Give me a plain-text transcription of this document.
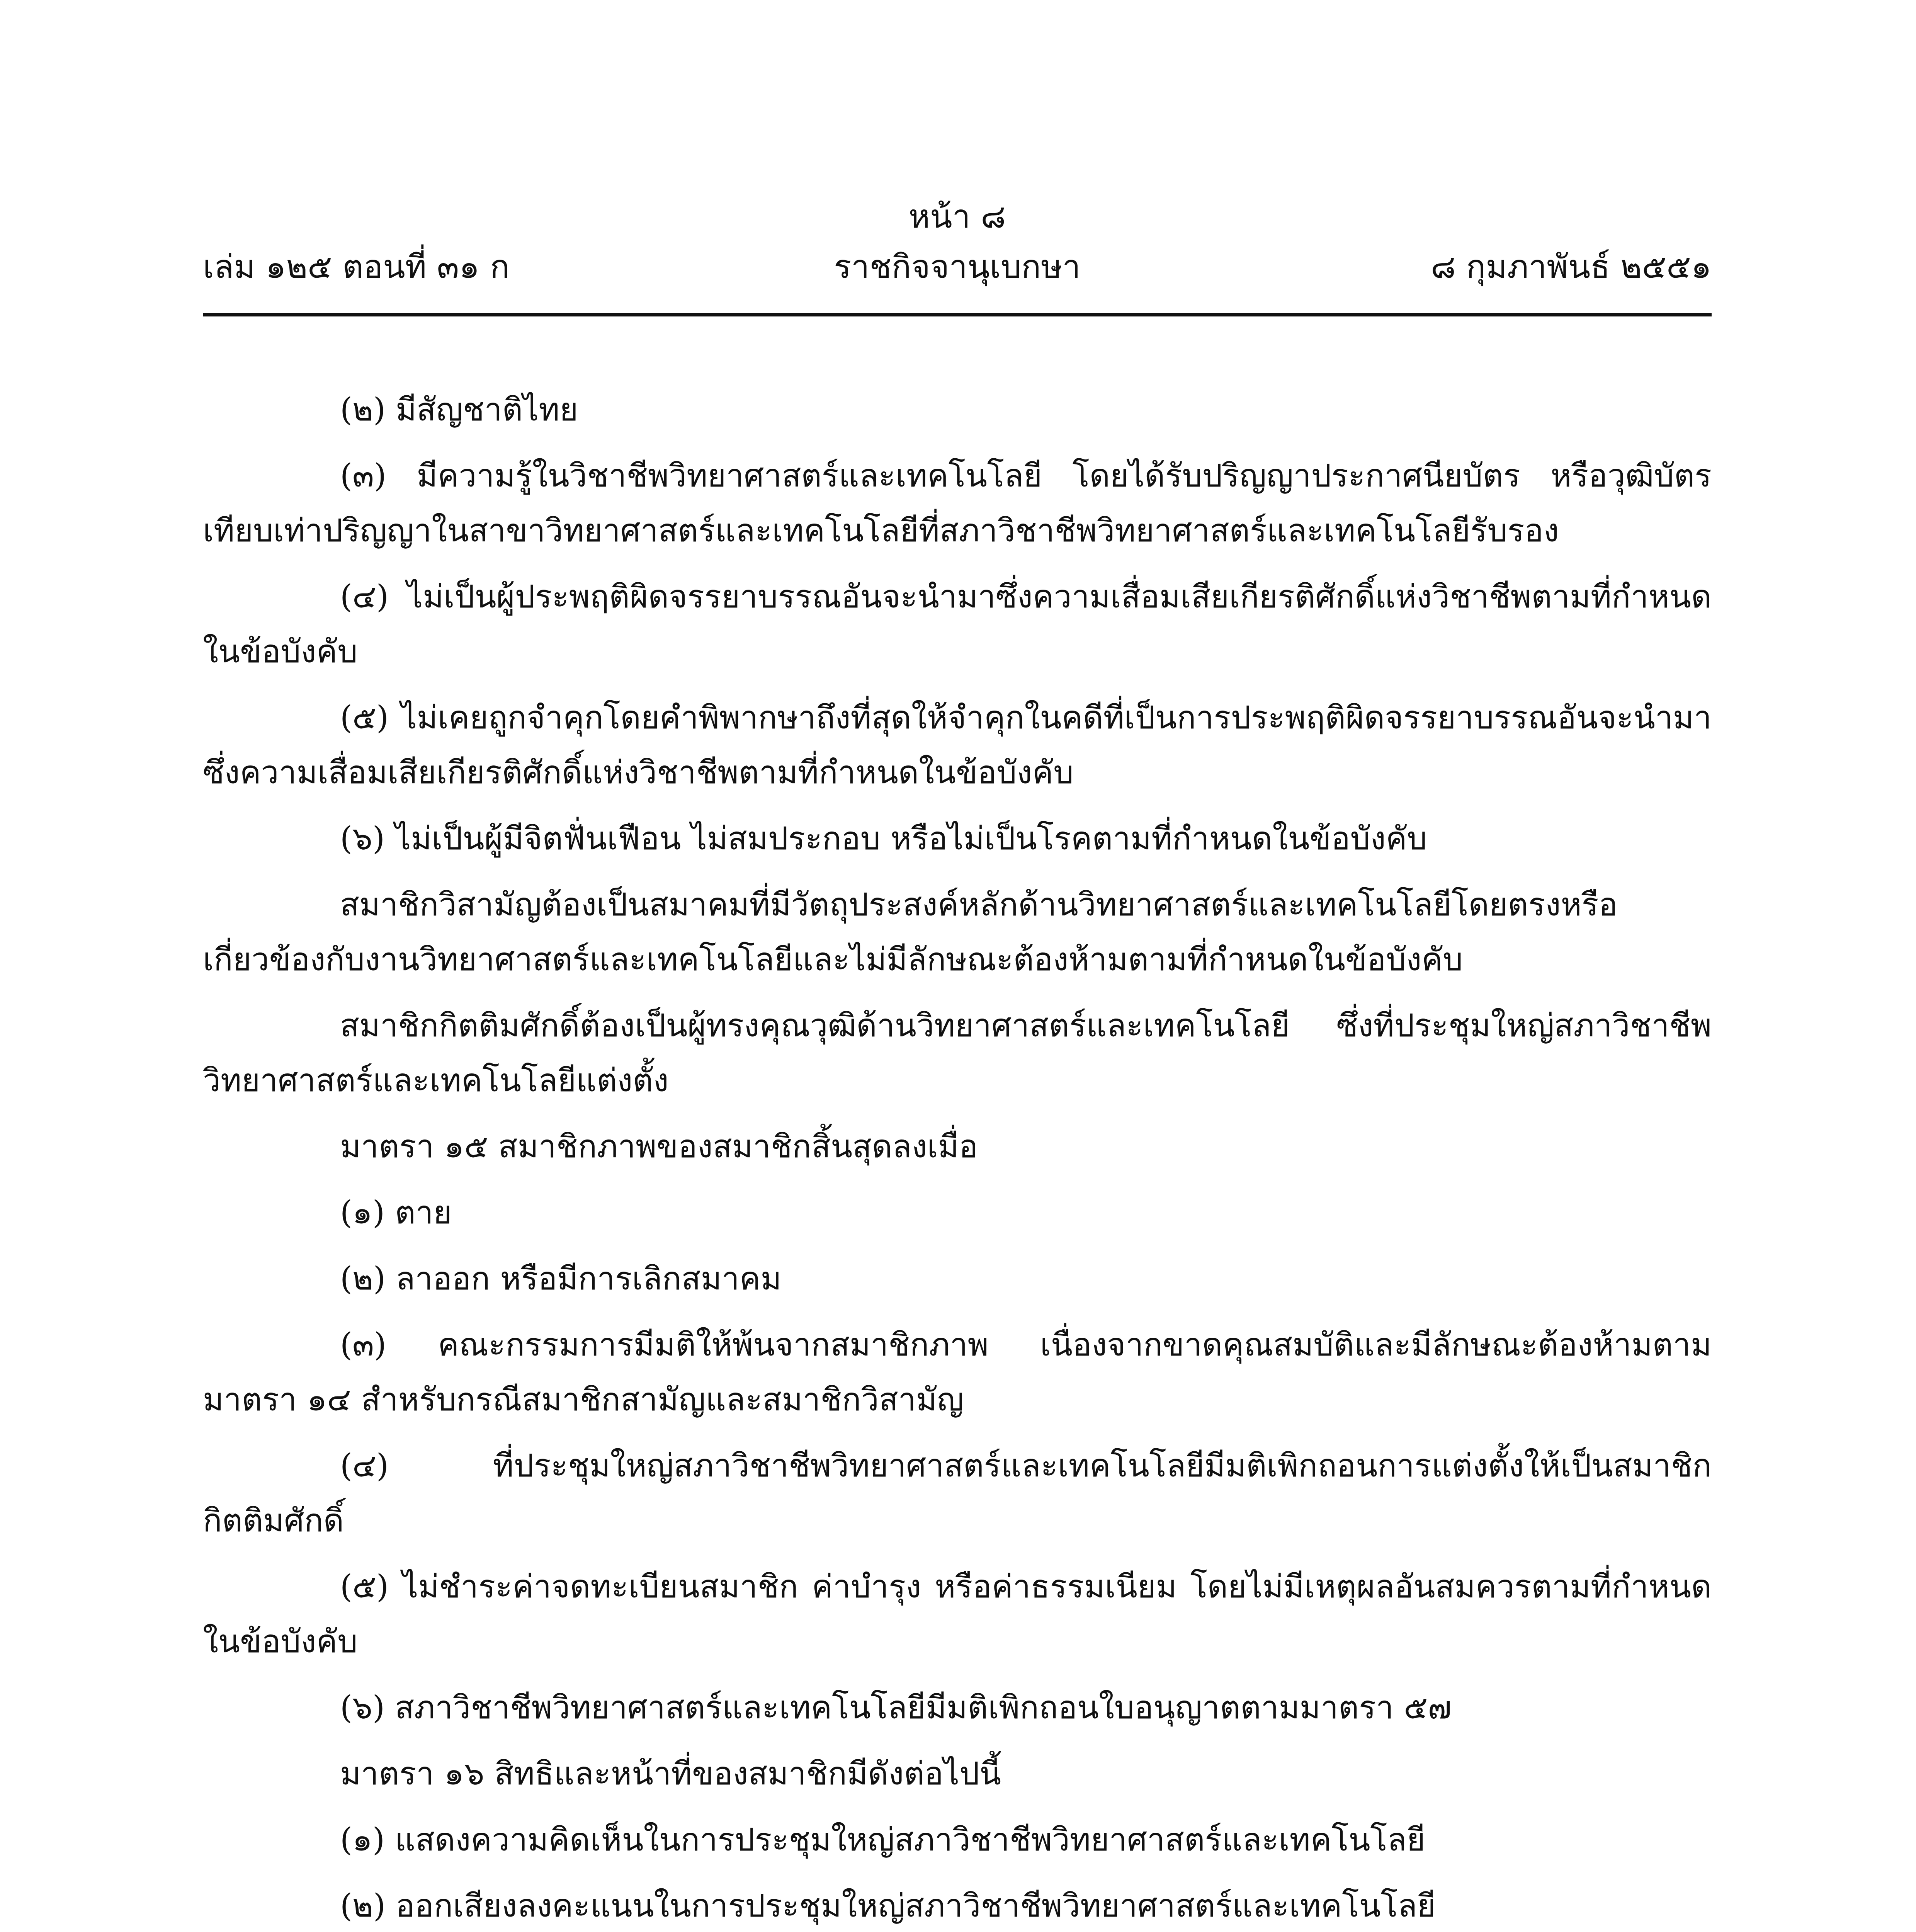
หน้า ๘
เล่ม ๑๒๕ ตอนที่ ๓๑ ก	ราชกิจจานุเบกษา	๘ กุมภาพันธ์ ๒๕๕๑

(๒) มีสัญชาติไทย

(๓) มีความรู้ในวิชาชีพวิทยาศาสตร์และเทคโนโลยี โดยได้รับปริญญาประกาศนียบัตร หรือวุฒิบัตรเทียบเท่าปริญญาในสาขาวิทยาศาสตร์และเทคโนโลยีที่สภาวิชาชีพวิทยาศาสตร์และเทคโนโลยีรับรอง

(๔) ไม่เป็นผู้ประพฤติผิดจรรยาบรรณอันจะนำมาซึ่งความเสื่อมเสียเกียรติศักดิ์แห่งวิชาชีพตามที่กำหนดในข้อบังคับ

(๕) ไม่เคยถูกจำคุกโดยคำพิพากษาถึงที่สุดให้จำคุกในคดีที่เป็นการประพฤติผิดจรรยาบรรณอันจะนำมาซึ่งความเสื่อมเสียเกียรติศักดิ์แห่งวิชาชีพตามที่กำหนดในข้อบังคับ

(๖) ไม่เป็นผู้มีจิตฟั่นเฟือน ไม่สมประกอบ หรือไม่เป็นโรคตามที่กำหนดในข้อบังคับ

สมาชิกวิสามัญต้องเป็นสมาคมที่มีวัตถุประสงค์หลักด้านวิทยาศาสตร์และเทคโนโลยีโดยตรงหรือเกี่ยวข้องกับงานวิทยาศาสตร์และเทคโนโลยีและไม่มีลักษณะต้องห้ามตามที่กำหนดในข้อบังคับ

สมาชิกกิตติมศักดิ์ต้องเป็นผู้ทรงคุณวุฒิด้านวิทยาศาสตร์และเทคโนโลยี ซึ่งที่ประชุมใหญ่สภาวิชาชีพวิทยาศาสตร์และเทคโนโลยีแต่งตั้ง

มาตรา ๑๕ สมาชิกภาพของสมาชิกสิ้นสุดลงเมื่อ

(๑) ตาย

(๒) ลาออก หรือมีการเลิกสมาคม

(๓) คณะกรรมการมีมติให้พ้นจากสมาชิกภาพ เนื่องจากขาดคุณสมบัติและมีลักษณะต้องห้ามตามมาตรา ๑๔ สำหรับกรณีสมาชิกสามัญและสมาชิกวิสามัญ

(๔) ที่ประชุมใหญ่สภาวิชาชีพวิทยาศาสตร์และเทคโนโลยีมีมติเพิกถอนการแต่งตั้งให้เป็นสมาชิกกิตติมศักดิ์

(๕) ไม่ชำระค่าจดทะเบียนสมาชิก ค่าบำรุง หรือค่าธรรมเนียม โดยไม่มีเหตุผลอันสมควรตามที่กำหนดในข้อบังคับ

(๖) สภาวิชาชีพวิทยาศาสตร์และเทคโนโลยีมีมติเพิกถอนใบอนุญาตตามมาตรา ๕๗

มาตรา ๑๖ สิทธิและหน้าที่ของสมาชิกมีดังต่อไปนี้

(๑) แสดงความคิดเห็นในการประชุมใหญ่สภาวิชาชีพวิทยาศาสตร์และเทคโนโลยี

(๒) ออกเสียงลงคะแนนในการประชุมใหญ่สภาวิชาชีพวิทยาศาสตร์และเทคโนโลยี
